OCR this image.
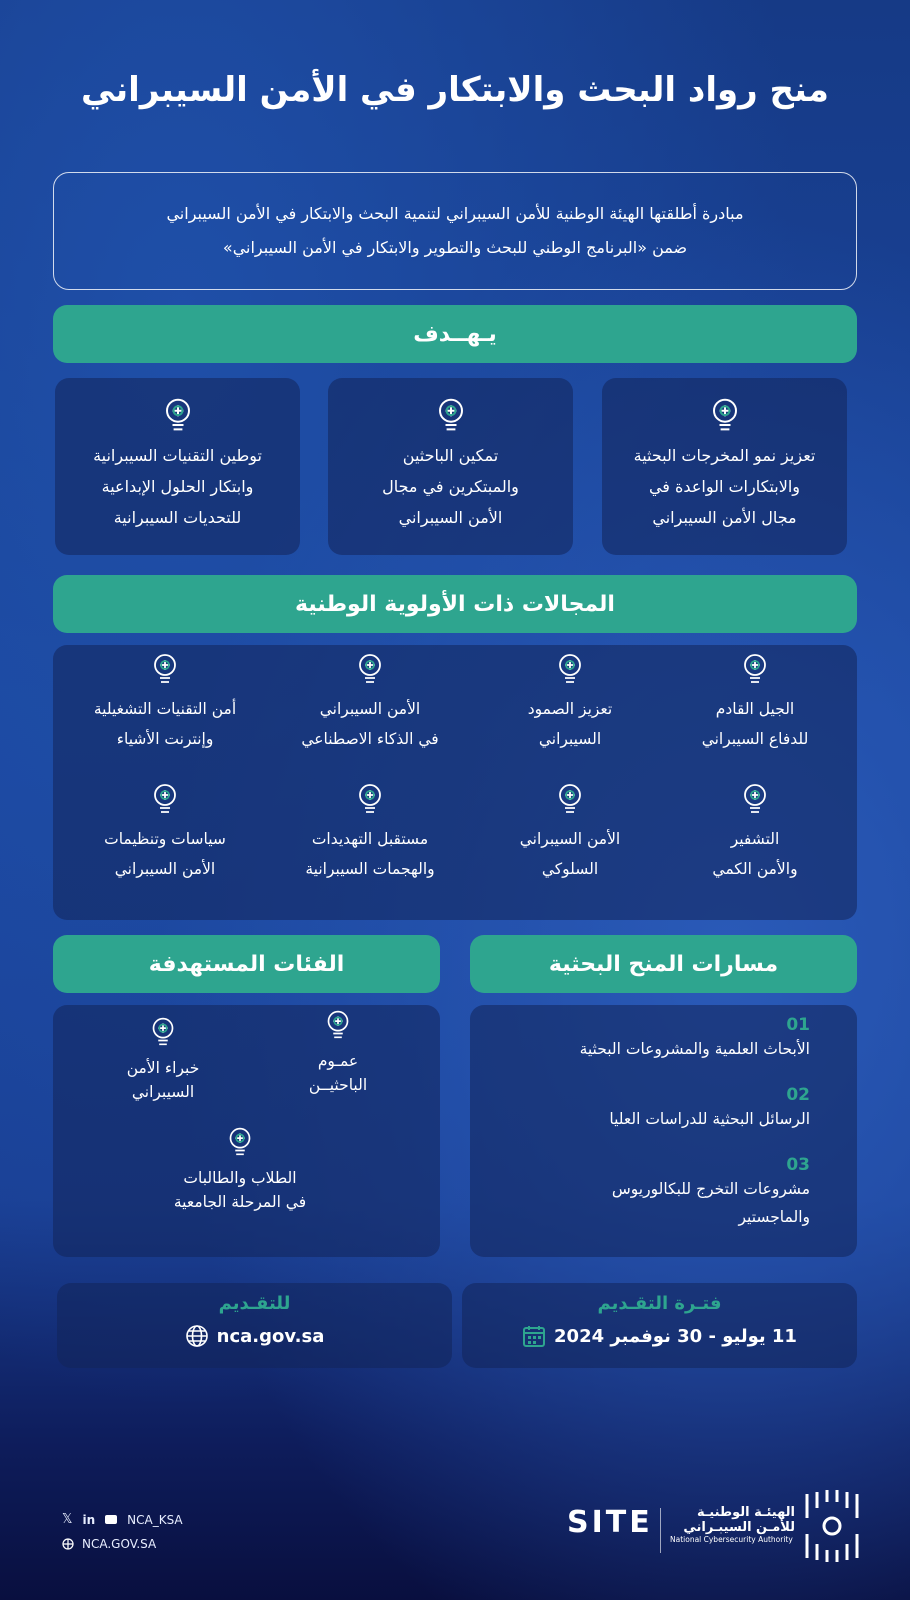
منح رواد البحث والابتكار في الأمن السيبراني
مبادرة أطلقتها الهيئة الوطنية للأمن السيبراني لتنمية البحث والابتكار في الأمن السيبراني
ضمن «البرنامج الوطني للبحث والتطوير والابتكار في الأمن السيبراني»
يـهــدف
تعزيز نمو المخرجات البحثية
والابتكارات الواعدة في
مجال الأمن السيبراني
تمكين الباحثين
والمبتكرين في مجال
الأمن السيبراني
توطين التقنيات السيبرانية
وابتكار الحلول الإبداعية
للتحديات السيبرانية
المجالات ذات الأولوية الوطنية
الجيل القادم
للدفاع السيبراني
تعزيز الصمود
السيبراني
الأمن السيبراني
في الذكاء الاصطناعي
أمن التقنيات التشغيلية
وإنترنت الأشياء
التشفير
والأمن الكمي
الأمن السيبراني
السلوكي
مستقبل التهديدات
والهجمات السيبرانية
سياسات وتنظيمات
الأمن السيبراني
مسارات المنح البحثية
الفئات المستهدفة
01
الأبحاث العلمية والمشروعات البحثية
02
الرسائل البحثية للدراسات العليا
03
مشروعات التخرج للبكالوريوس والماجستير
خبراء الأمن
السيبراني
عمـوم
الباحثيــن
الطلاب والطالبات
في المرحلة الجامعية
فتـرة التقـديم
11 يوليو - 30 نوفمبر 2024
للتقـديم
nca.gov.sa
𝕏 in	NCA_KSA
NCA.GOV.SA
SITE	الهيئـة الوطنيـة
للأمـن السيبـراني
National Cybersecurity Authority
